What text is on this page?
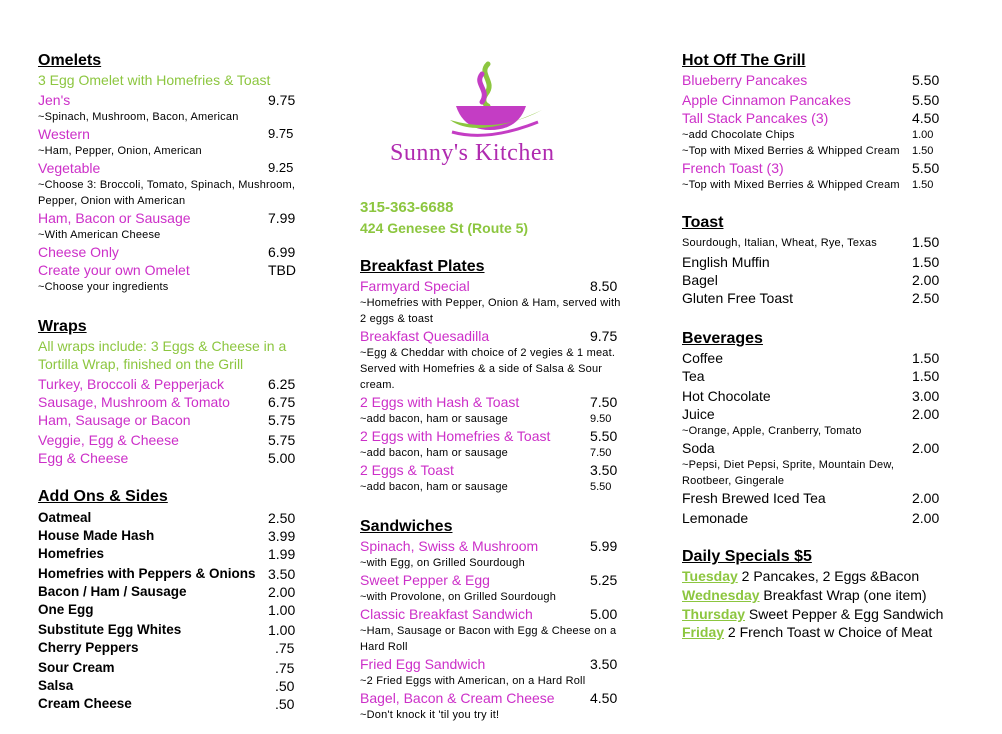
Omelets
3 Egg Omelet with Homefries & Toast
Jen's	9.75
~Spinach, Mushroom, Bacon, American
Western	9.75
~Ham, Pepper, Onion, American
Vegetable	9.25
~Choose 3: Broccoli, Tomato, Spinach, Mushroom,
Pepper, Onion with American
Ham, Bacon or Sausage	7.99
~With American Cheese
Cheese Only	6.99
Create your own Omelet	TBD
~Choose your ingredients
Wraps
All wraps include: 3 Eggs & Cheese in a
Tortilla Wrap, finished on the Grill
Turkey, Broccoli & Pepperjack	6.25
Sausage, Mushroom & Tomato	6.75
Ham, Sausage or Bacon	5.75
Veggie, Egg & Cheese	5.75
Egg & Cheese	5.00
Add Ons & Sides
Oatmeal	2.50
House Made Hash	3.99
Homefries	1.99
Homefries with Peppers & Onions 3.50
Bacon / Ham / Sausage	2.00
One Egg	1.00
Substitute Egg Whites	1.00
Cherry Peppers	.75
Sour Cream	.75
Salsa	.50
Cream Cheese	.50
Sunny's Kitchen
315-363-6688
424 Genesee St (Route 5)
Breakfast Plates
Farmyard Special	8.50
~Homefries with Pepper, Onion & Ham, served with
2 eggs & toast
Breakfast Quesadilla	9.75
~Egg & Cheddar with choice of 2 vegies & 1 meat.
Served with Homefries & a side of Salsa & Sour
cream.
2 Eggs with Hash & Toast	7.50
~add bacon, ham or sausage	9.50
2 Eggs with Homefries & Toast	5.50
~add bacon, ham or sausage	7.50
2 Eggs & Toast	3.50
~add bacon, ham or sausage	5.50
Sandwiches
Spinach, Swiss & Mushroom	5.99
~with Egg, on Grilled Sourdough
Sweet Pepper & Egg	5.25
~with Provolone, on Grilled Sourdough
Classic Breakfast Sandwich	5.00
~Ham, Sausage or Bacon with Egg & Cheese on a
Hard Roll
Fried Egg Sandwich	3.50
~2 Fried Eggs with American, on a Hard Roll
Bagel, Bacon & Cream Cheese	4.50
~Don't knock it 'til you try it!
Hot Off The Grill
Blueberry Pancakes	5.50
Apple Cinnamon Pancakes	5.50
Tall Stack Pancakes (3)	4.50
~add Chocolate Chips	1.00
~Top with Mixed Berries & Whipped Cream 1.50
French Toast (3)	5.50
~Top with Mixed Berries & Whipped Cream 1.50
Toast
Sourdough, Italian, Wheat, Rye, Texas	1.50
English Muffin	1.50
Bagel	2.00
Gluten Free Toast	2.50
Beverages
Coffee	1.50
Tea	1.50
Hot Chocolate	3.00
Juice	2.00
~Orange, Apple, Cranberry, Tomato
Soda	2.00
~Pepsi, Diet Pepsi, Sprite, Mountain Dew,
Rootbeer, Gingerale
Fresh Brewed Iced Tea	2.00
Lemonade	2.00
Daily Specials $5
Tuesday 2 Pancakes, 2 Eggs &Bacon
Wednesday Breakfast Wrap (one item)
Thursday Sweet Pepper & Egg Sandwich
Friday 2 French Toast w Choice of Meat
